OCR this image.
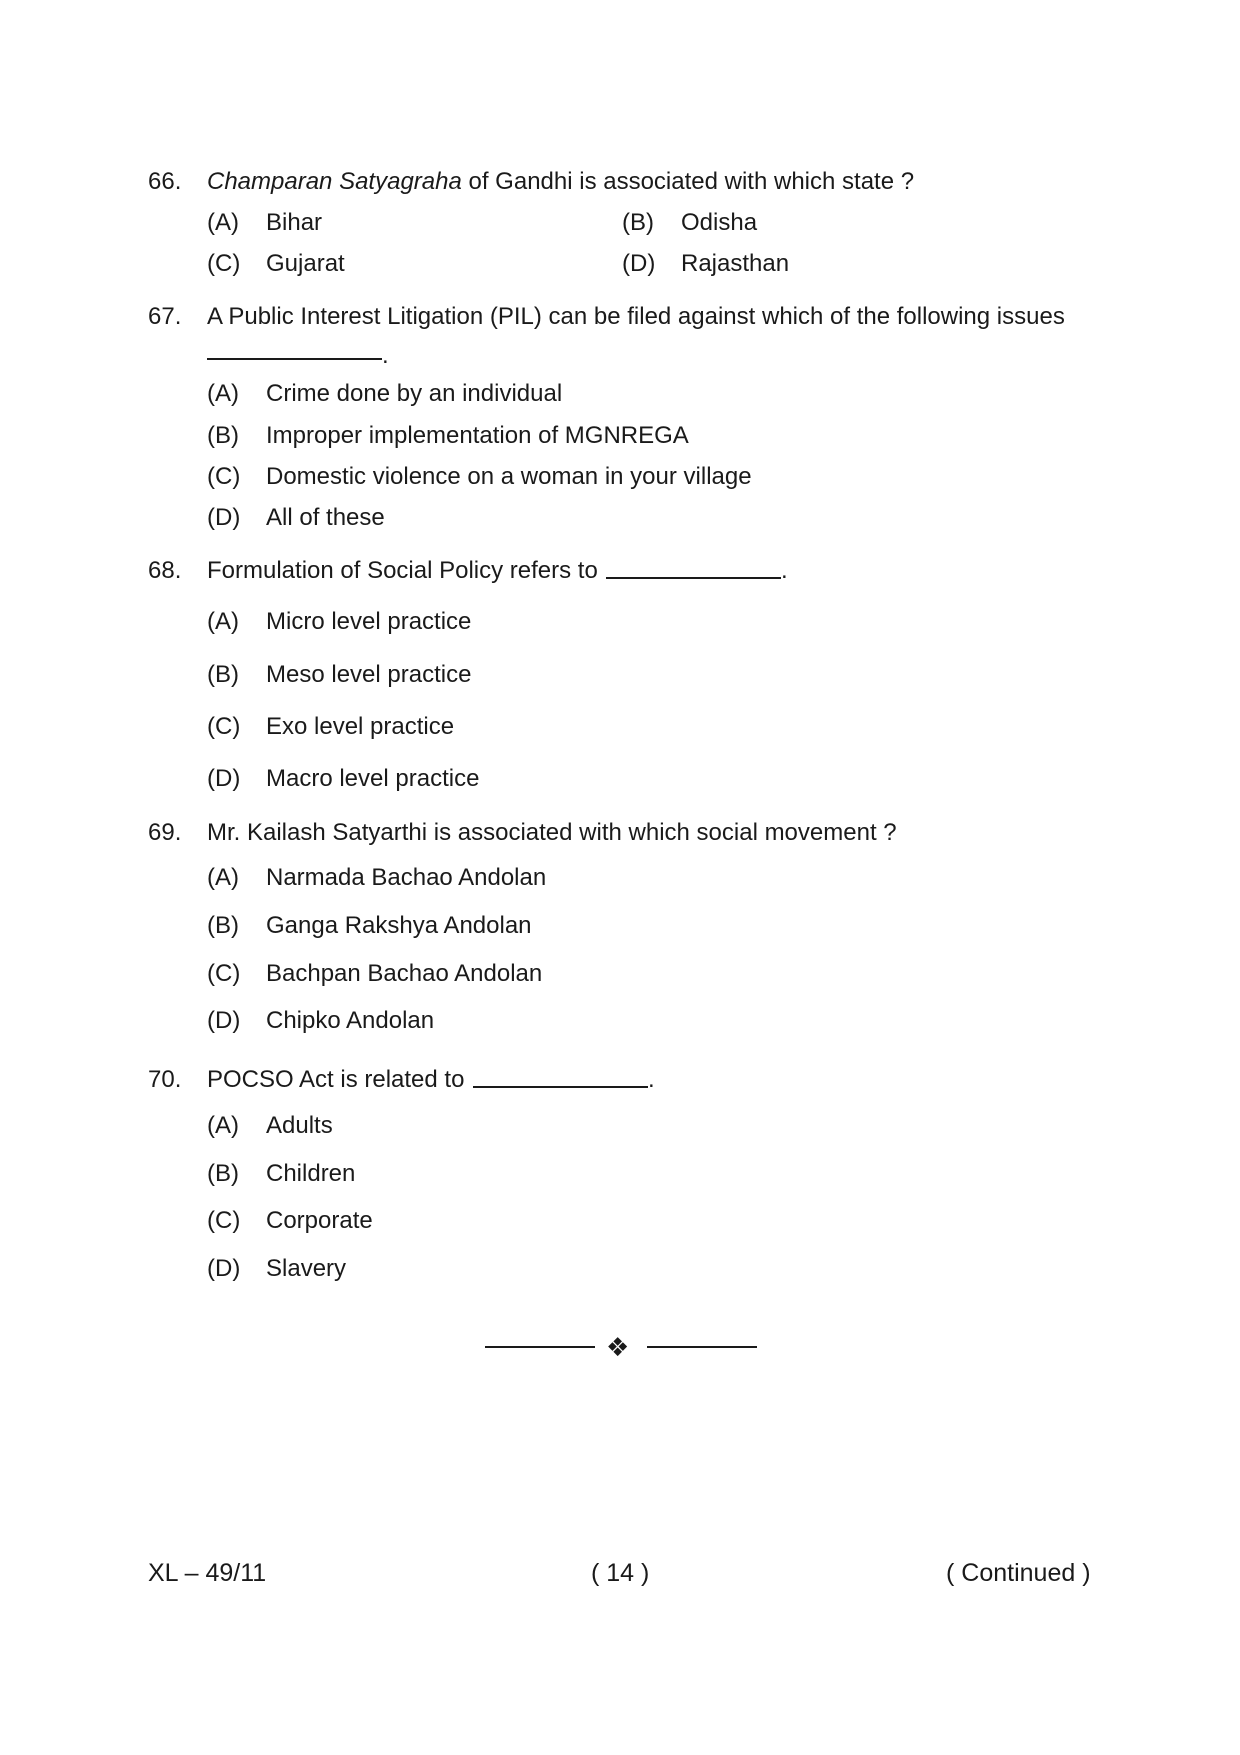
66. Champaran Satyagraha of Gandhi is associated with which state ?
(A) Bihar	(B) Odisha
(C) Gujarat	(D) Rajasthan
67. A Public Interest Litigation (PIL) can be filed against which of the following issues
.
(A) Crime done by an individual
(B) Improper implementation of MGNREGA
(C) Domestic violence on a woman in your village
(D) All of these
68. Formulation of Social Policy refers to	.
(A) Micro level practice
(B) Meso level practice
(C) Exo level practice
(D) Macro level practice
69. Mr. Kailash Satyarthi is associated with which social movement ?
(A) Narmada Bachao Andolan
(B) Ganga Rakshya Andolan
(C) Bachpan Bachao Andolan
(D) Chipko Andolan
70. POCSO Act is related to	.
(A) Adults
(B) Children
(C) Corporate
(D) Slavery
❖
XL – 49/11	( 14 )	( Continued )
